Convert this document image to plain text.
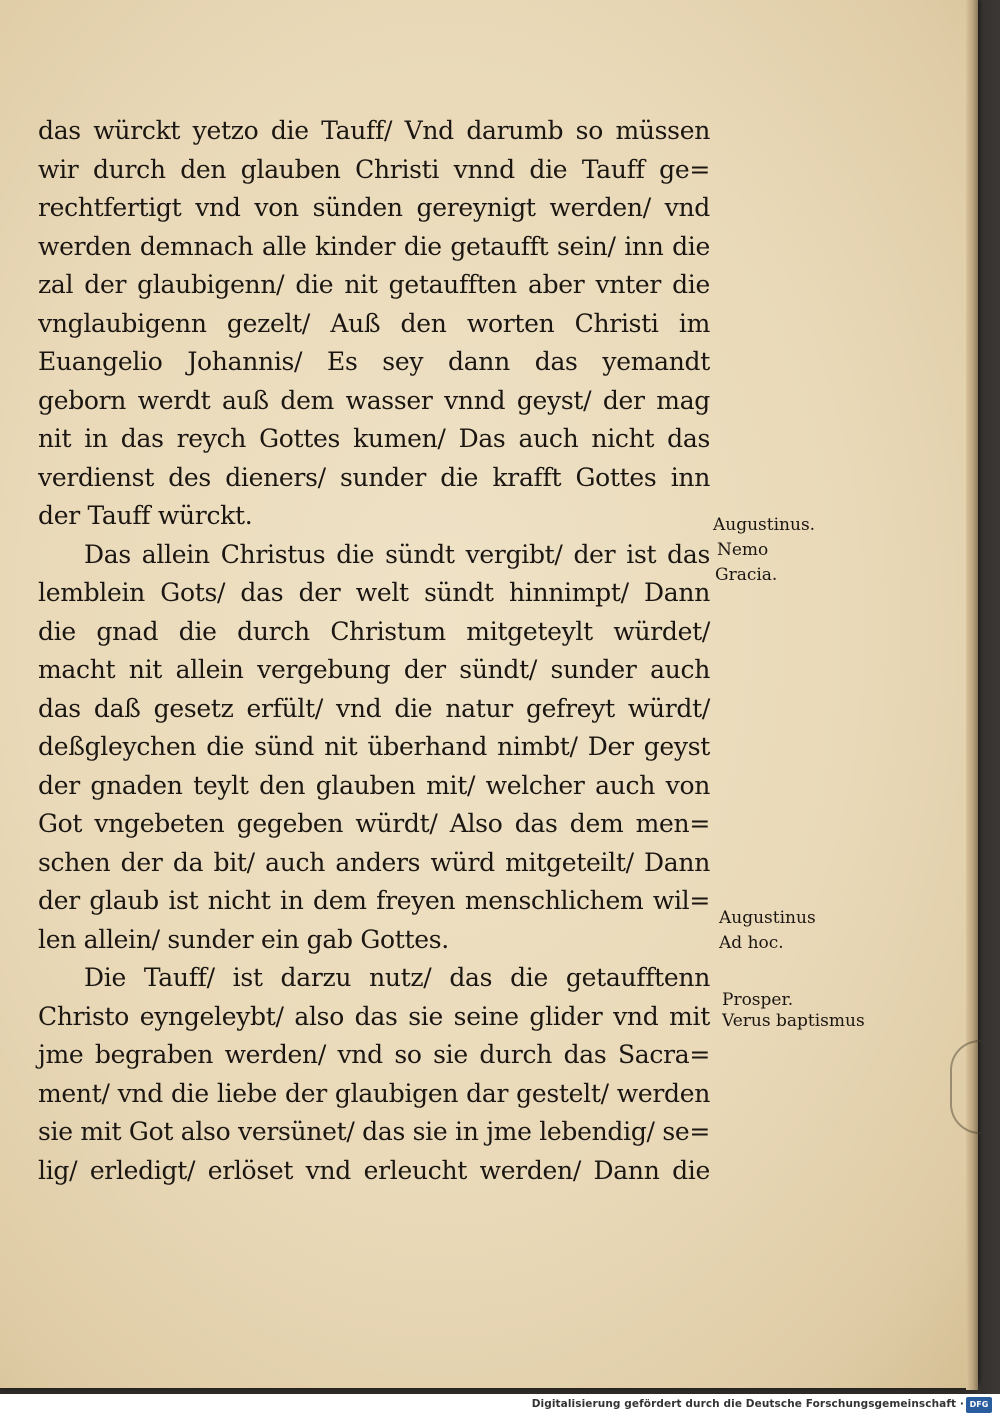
das würckt yetzo die Tauff/ Vnd darumb so müssen
wir durch den glauben Christi vnnd die Tauff ge=
rechtfertigt vnd von sünden gereynigt werden/ vnd
werden demnach alle kinder die getaufft sein/ inn die
zal der glaubigenn/ die nit getaufften aber vnter die
vnglaubigenn gezelt/ Auß den worten Christi im
Euangelio Johannis/ Es sey dann das yemandt
geborn werdt auß dem wasser vnnd geyst/ der mag
nit in das reych Gottes kumen/ Das auch nicht das
verdienst des dieners/ sunder die krafft Gottes inn
der Tauff würckt.
Das allein Christus die sündt vergibt/ der ist das
lemblein Gots/ das der welt sündt hinnimpt/ Dann
die gnad die durch Christum mitgeteylt würdet/
macht nit allein vergebung der sündt/ sunder auch
das daß gesetz erfült/ vnd die natur gefreyt würdt/
deßgleychen die sünd nit überhand nimbt/ Der geyst
der gnaden teylt den glauben mit/ welcher auch von
Got vngebeten gegeben würdt/ Also das dem men=
schen der da bit/ auch anders würd mitgeteilt/ Dann
der glaub ist nicht in dem freyen menschlichem wil=
len allein/ sunder ein gab Gottes.
Die Tauff/ ist darzu nutz/ das die getaufftenn
Christo eyngeleybt/ also das sie seine glider vnd mit
jme begraben werden/ vnd so sie durch das Sacra=
ment/ vnd die liebe der glaubigen dar gestelt/ werden
sie mit Got also versünet/ das sie in jme lebendig/ se=
lig/ erledigt/ erlöset vnd erleucht werden/ Dann die
Augustinus.
Nemo
Gracia.
Augustinus
Ad hoc.
Prosper.
Verus baptismus
Digitalisierung gefördert durch die Deutsche Forschungsgemeinschaft · DFG
